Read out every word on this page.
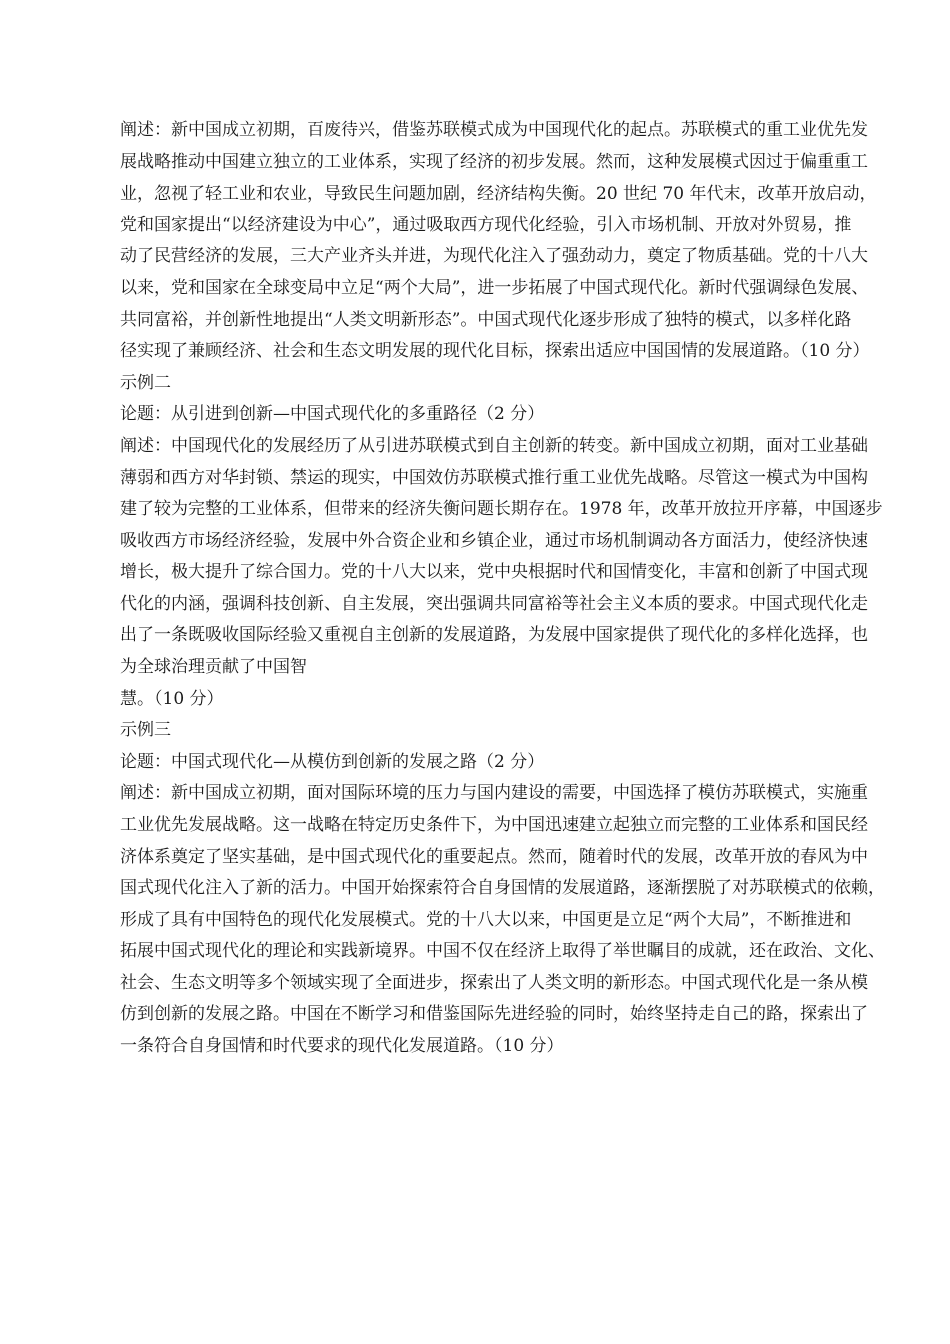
阐述：新中国成立初期，百废待兴，借鉴苏联模式成为中国现代化的起点。苏联模式的重工业优先发

展战略推动中国建立独立的工业体系，实现了经济的初步发展。然而，这种发展模式因过于偏重重工

业，忽视了轻工业和农业，导致民生问题加剧，经济结构失衡。20 世纪 70 年代末，改革开放启动，

党和国家提出“以经济建设为中心”，通过吸取西方现代化经验，引入市场机制、开放对外贸易，推

动了民营经济的发展，三大产业齐头并进，为现代化注入了强劲动力，奠定了物质基础。党的十八大

以来，党和国家在全球变局中立足“两个大局”，进一步拓展了中国式现代化。新时代强调绿色发展、

共同富裕，并创新性地提出“人类文明新形态”。中国式现代化逐步形成了独特的模式，以多样化路

径实现了兼顾经济、社会和生态文明发展的现代化目标，探索出适应中国国情的发展道路。（10 分）

示例二

论题：从引进到创新—中国式现代化的多重路径（2 分）

阐述：中国现代化的发展经历了从引进苏联模式到自主创新的转变。新中国成立初期，面对工业基础

薄弱和西方对华封锁、禁运的现实，中国效仿苏联模式推行重工业优先战略。尽管这一模式为中国构

建了较为完整的工业体系，但带来的经济失衡问题长期存在。1978 年，改革开放拉开序幕，中国逐步

吸收西方市场经济经验，发展中外合资企业和乡镇企业，通过市场机制调动各方面活力，使经济快速

增长，极大提升了综合国力。党的十八大以来，党中央根据时代和国情变化，丰富和创新了中国式现

代化的内涵，强调科技创新、自主发展，突出强调共同富裕等社会主义本质的要求。中国式现代化走

出了一条既吸收国际经验又重视自主创新的发展道路，为发展中国家提供了现代化的多样化选择，也

为全球治理贡献了中国智

慧。（10 分）

示例三

论题：中国式现代化—从模仿到创新的发展之路（2 分）

阐述：新中国成立初期，面对国际环境的压力与国内建设的需要，中国选择了模仿苏联模式，实施重

工业优先发展战略。这一战略在特定历史条件下，为中国迅速建立起独立而完整的工业体系和国民经

济体系奠定了坚实基础，是中国式现代化的重要起点。然而，随着时代的发展，改革开放的春风为中

国式现代化注入了新的活力。中国开始探索符合自身国情的发展道路，逐渐摆脱了对苏联模式的依赖，

形成了具有中国特色的现代化发展模式。党的十八大以来，中国更是立足“两个大局”，不断推进和

拓展中国式现代化的理论和实践新境界。中国不仅在经济上取得了举世瞩目的成就，还在政治、文化、

社会、生态文明等多个领域实现了全面进步，探索出了人类文明的新形态。中国式现代化是一条从模

仿到创新的发展之路。中国在不断学习和借鉴国际先进经验的同时，始终坚持走自己的路，探索出了

一条符合自身国情和时代要求的现代化发展道路。（10 分）
